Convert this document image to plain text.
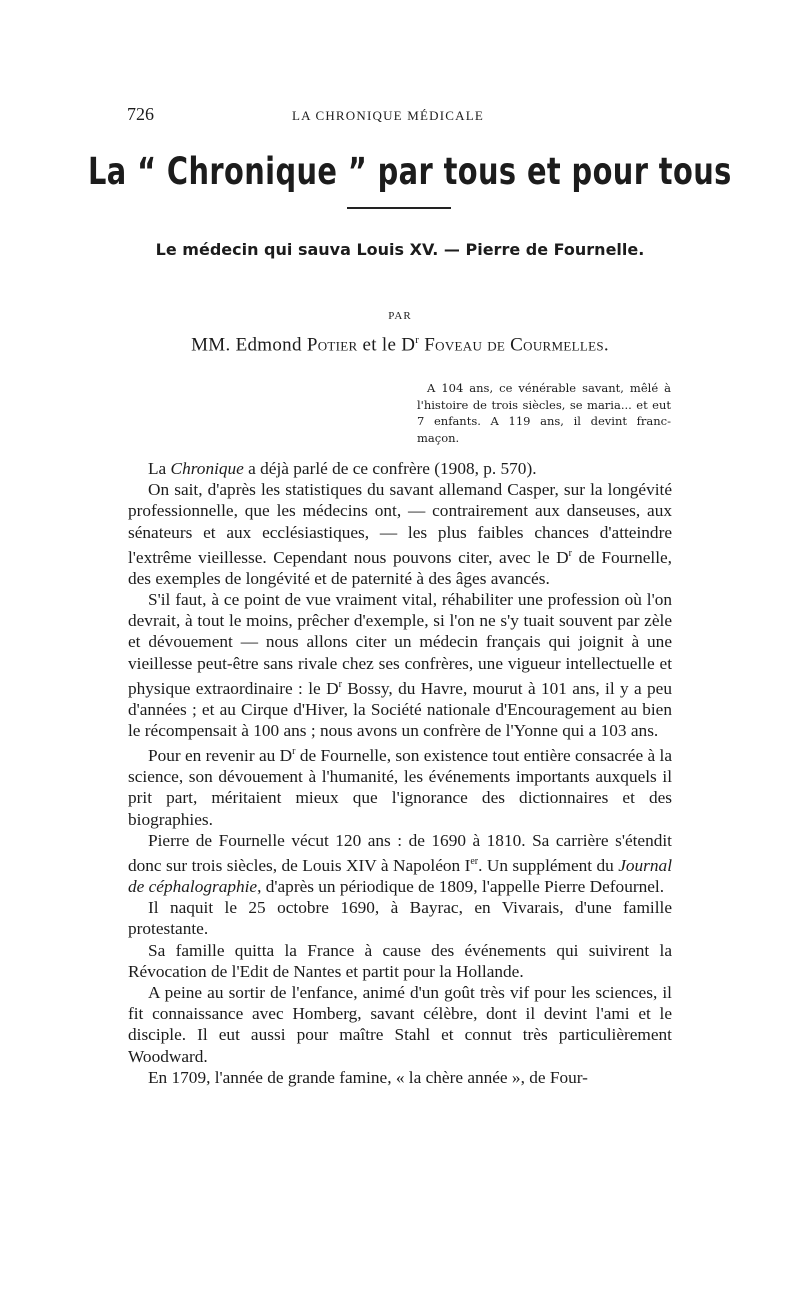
726	LA CHRONIQUE MÉDICALE
La “ Chronique ” par tous et pour tous
Le médecin qui sauva Louis XV. — Pierre de Fournelle.
PAR
MM. Edmond Potier et le $D^r$ Foveau de Courmelles.
A 104 ans, ce vénérable savant, mêlé à l'histoire de trois siècles, se maria... et eut 7 enfants. A 119 ans, il devint franc-maçon.

La Chronique a déjà parlé de ce confrère (1908, p. 570).

On sait, d'après les statistiques du savant allemand Casper, sur la longévité professionnelle, que les médecins ont, — contrairement aux danseuses, aux sénateurs et aux ecclésiastiques, — les plus faibles chances d'atteindre l'extrême vieillesse. Cependant nous pouvons citer, avec le $D^r$ de Fournelle, des exemples de longévité et de paternité à des âges avancés.

S'il faut, à ce point de vue vraiment vital, réhabiliter une profession où l'on devrait, à tout le moins, prêcher d'exemple, si l'on ne s'y tuait souvent par zèle et dévouement — nous allons citer un médecin français qui joignit à une vieillesse peut-être sans rivale chez ses confrères, une vigueur intellectuelle et physique extraordinaire : le $D^r$ Bossy, du Havre, mourut à 101 ans, il y a peu d'années ; et au Cirque d'Hiver, la Société nationale d'Encouragement au bien le récompensait à 100 ans ; nous avons un confrère de l'Yonne qui a 103 ans.

Pour en revenir au $D^r$ de Fournelle, son existence tout entière consacrée à la science, son dévouement à l'humanité, les événements importants auxquels il prit part, méritaient mieux que l'ignorance des dictionnaires et des biographies.

Pierre de Fournelle vécut 120 ans : de 1690 à 1810. Sa carrière s'étendit donc sur trois siècles, de Louis XIV à Napoléon Ier. Un supplément du Journal de céphalographie, d'après un périodique de 1809, l'appelle Pierre Defournel.

Il naquit le 25 octobre 1690, à Bayrac, en Vivarais, d'une famille protestante.

Sa famille quitta la France à cause des événements qui suivirent la Révocation de l'Edit de Nantes et partit pour la Hollande.

A peine au sortir de l'enfance, animé d'un goût très vif pour les sciences, il fit connaissance avec Homberg, savant célèbre, dont il devint l'ami et le disciple. Il eut aussi pour maître Stahl et connut très particulièrement Woodward.

En 1709, l'année de grande famine, « la chère année », de Four-
